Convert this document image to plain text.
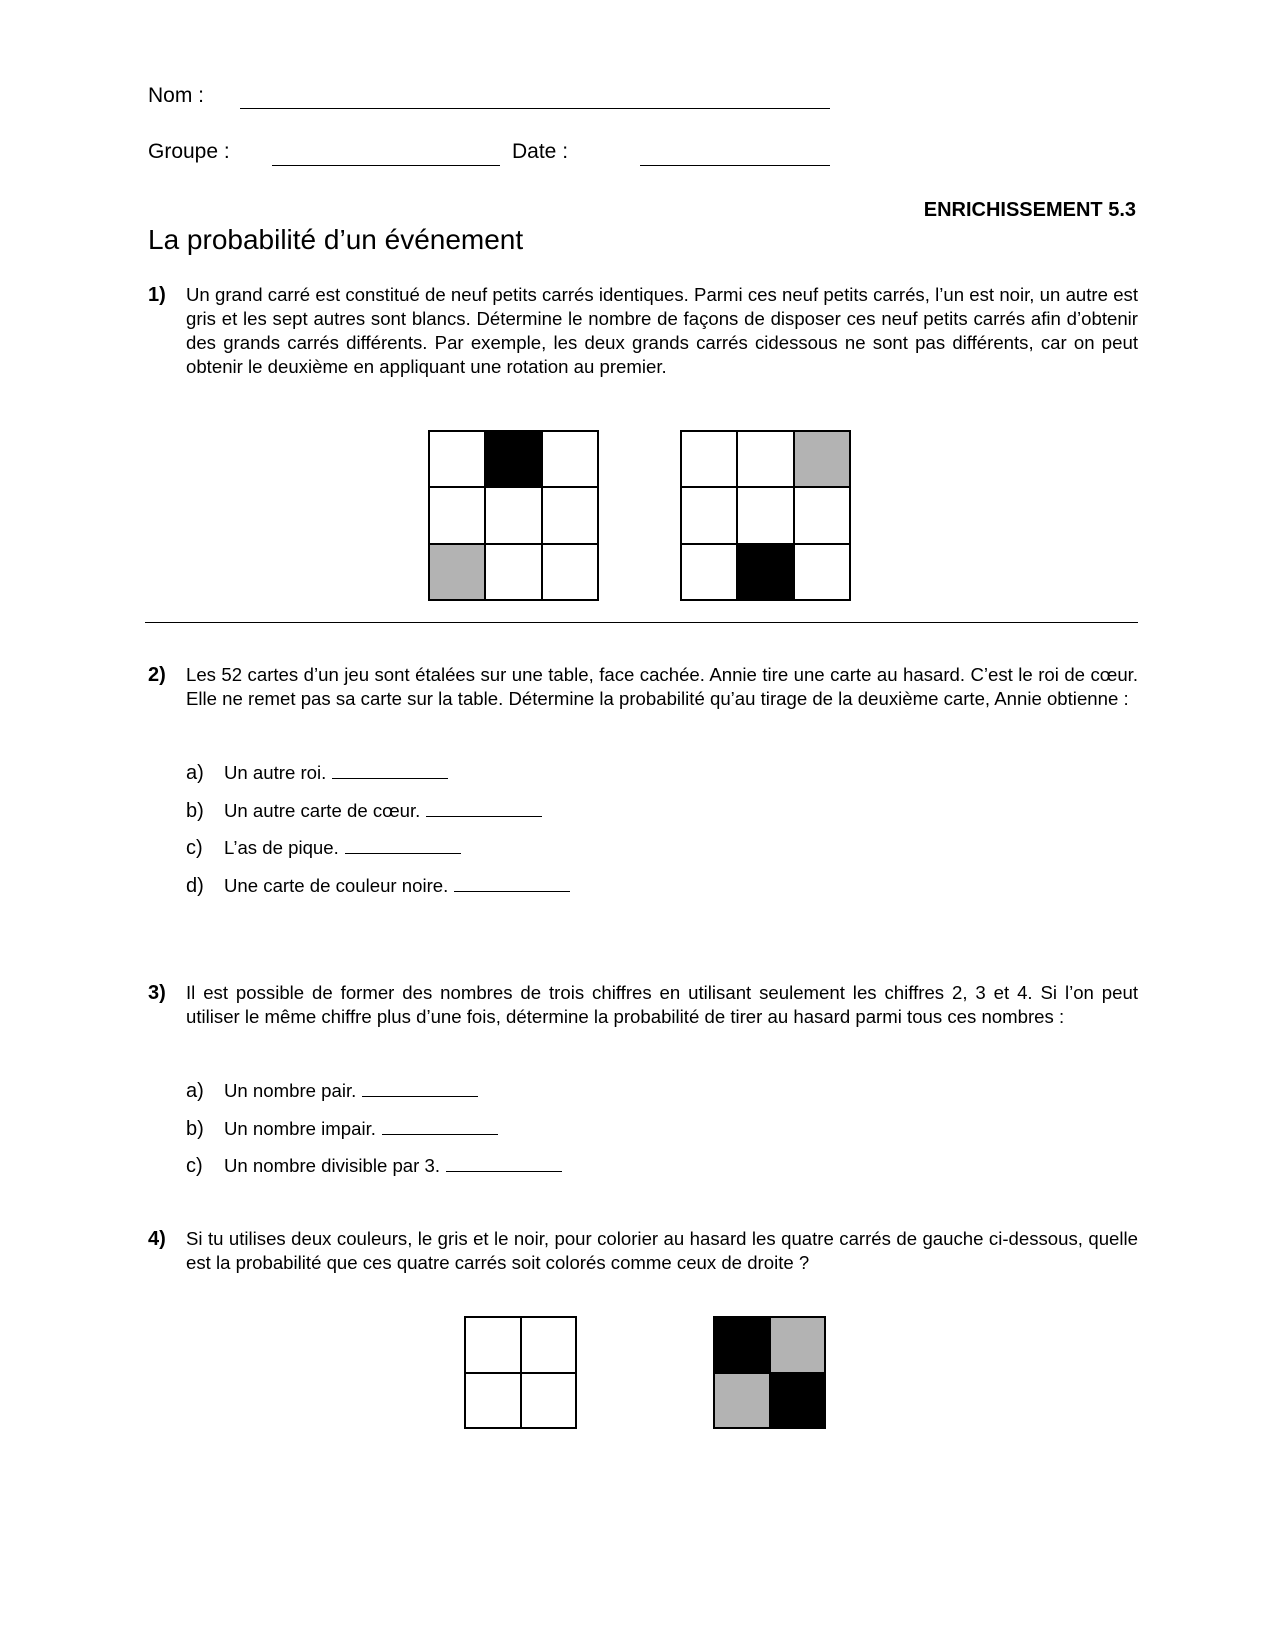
Nom :
Groupe :	Date :
ENRICHISSEMENT 5.3
La probabilité d’un événement
1) Un grand carré est constitué de neuf petits carrés identiques. Parmi ces neuf petits carrés, l’un est noir, un autre est gris et les sept autres sont blancs. Détermine le nombre de façons de disposer ces neuf petits carrés afin d’obtenir des grands carrés différents. Par exemple, les deux grands carrés cidessous ne sont pas différents, car on peut obtenir le deuxième en appliquant une rotation au premier.
2) Les 52 cartes d’un jeu sont étalées sur une table, face cachée. Annie tire une carte au hasard. C’est le roi de cœur. Elle ne remet pas sa carte sur la table. Détermine la probabilité qu’au tirage de la deuxième carte, Annie obtienne :
a) Un autre roi.
b) Un autre carte de cœur.
c) L’as de pique.
d) Une carte de couleur noire.
3) Il est possible de former des nombres de trois chiffres en utilisant seulement les chiffres 2, 3 et 4. Si l’on peut utiliser le même chiffre plus d’une fois, détermine la probabilité de tirer au hasard parmi tous ces nombres :
a) Un nombre pair.
b) Un nombre impair.
c) Un nombre divisible par 3.
4) Si tu utilises deux couleurs, le gris et le noir, pour colorier au hasard les quatre carrés de gauche ci-dessous, quelle est la probabilité que ces quatre carrés soit colorés comme ceux de droite ?
